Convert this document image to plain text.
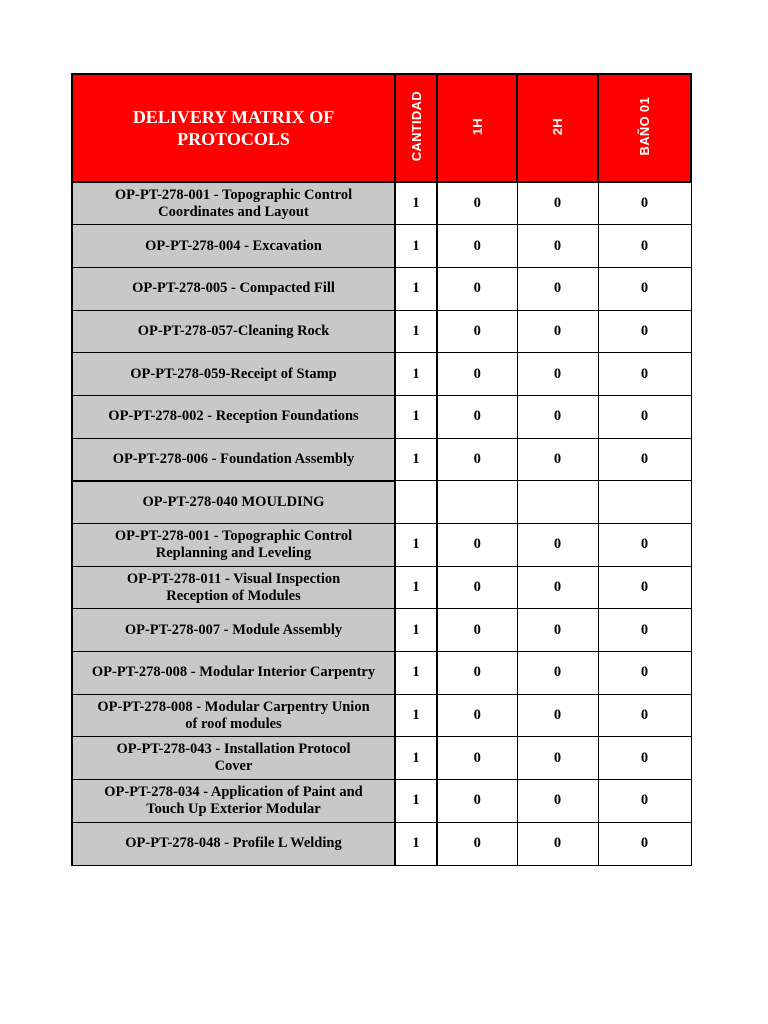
DELIVERY MATRIX OF
PROTOCOLS	CANTIDAD	1H	2H	BAÑO 01

OP-PT-278-001 - Topographic Control
Coordinates and Layout	1	0	0	0

OP-PT-278-004 - Excavation	1	0	0	0

OP-PT-278-005 - Compacted Fill	1	0	0	0

OP-PT-278-057-Cleaning Rock	1	0	0	0

OP-PT-278-059-Receipt of Stamp	1	0	0	0

OP-PT-278-002 - Reception Foundations	1	0	0	0

OP-PT-278-006 - Foundation Assembly	1	0	0	0

OP-PT-278-040 MOULDING				

OP-PT-278-001 - Topographic Control
Replanning and Leveling	1	0	0	0

OP-PT-278-011 - Visual Inspection
Reception of Modules	1	0	0	0

OP-PT-278-007 - Module Assembly	1	0	0	0

OP-PT-278-008 - Modular Interior Carpentry	1	0	0	0

OP-PT-278-008 - Modular Carpentry Union
of roof modules	1	0	0	0

OP-PT-278-043 - Installation Protocol
Cover	1	0	0	0

OP-PT-278-034 - Application of Paint and
Touch Up Exterior Modular	1	0	0	0

OP-PT-278-048 - Profile L Welding	1	0	0	0
